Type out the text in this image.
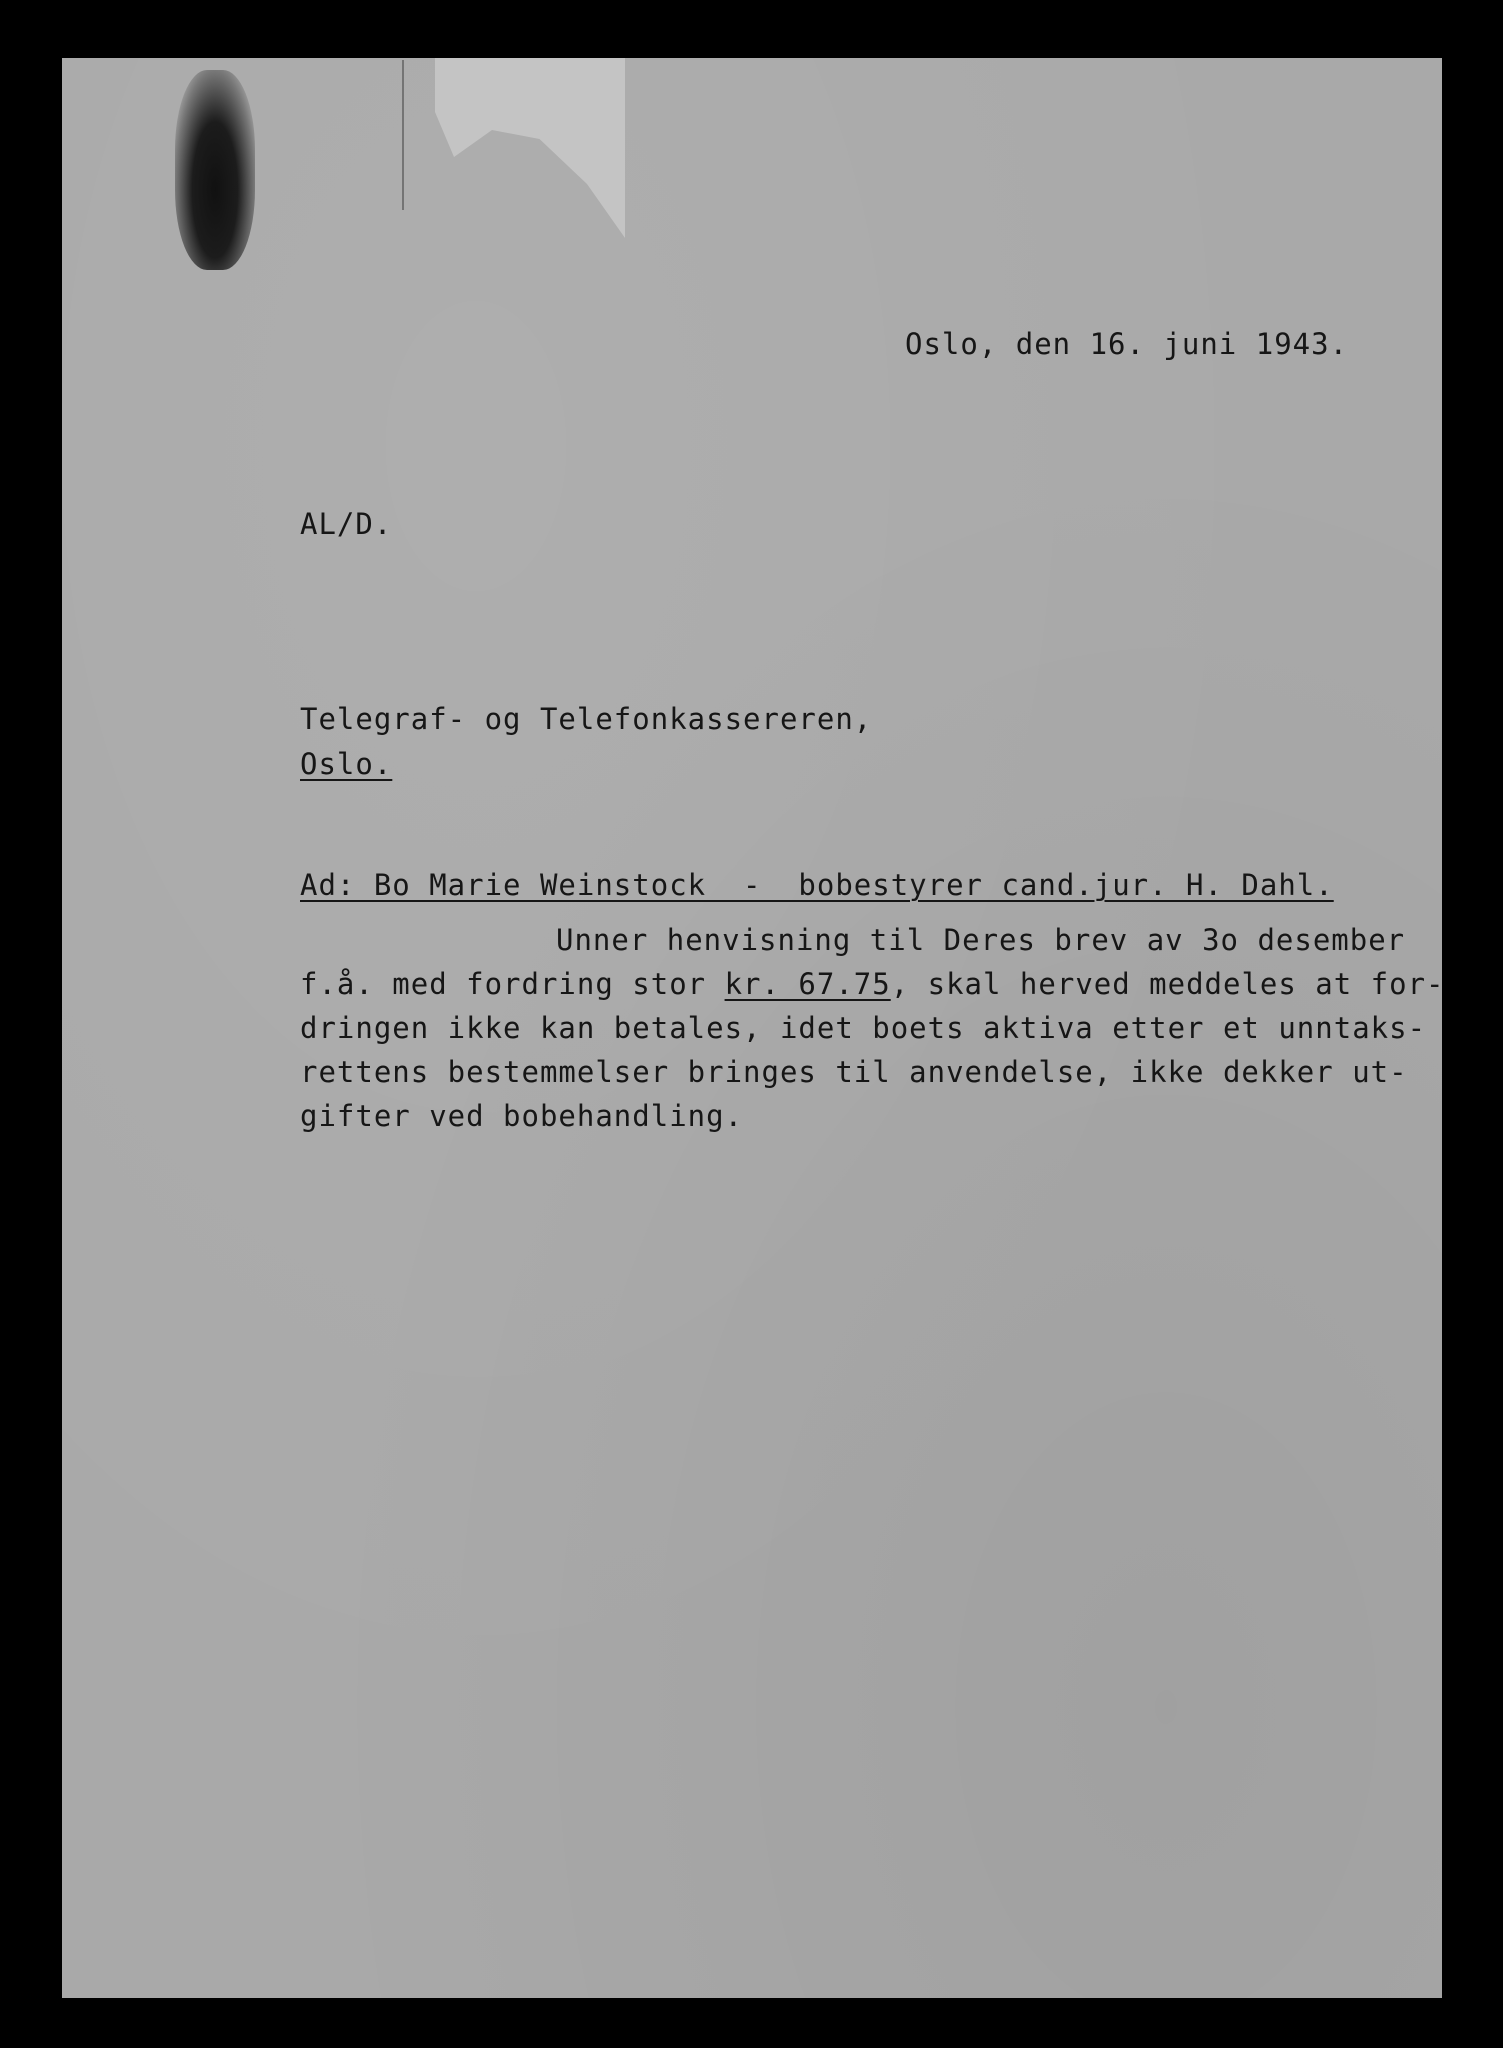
Oslo, den 16. juni 1943.

AL/D.

Telegraf- og Telefonkassereren,

Oslo.

Ad: Bo Marie Weinstock  -  bobestyrer cand.jur. H. Dahl.

Unner henvisning til Deres brev av 3o desember

f.å. med fordring stor kr. 67.75, skal herved meddeles at for-

dringen ikke kan betales, idet boets aktiva etter et unntaks-

rettens bestemmelser bringes til anvendelse, ikke dekker ut-

gifter ved bobehandling.
